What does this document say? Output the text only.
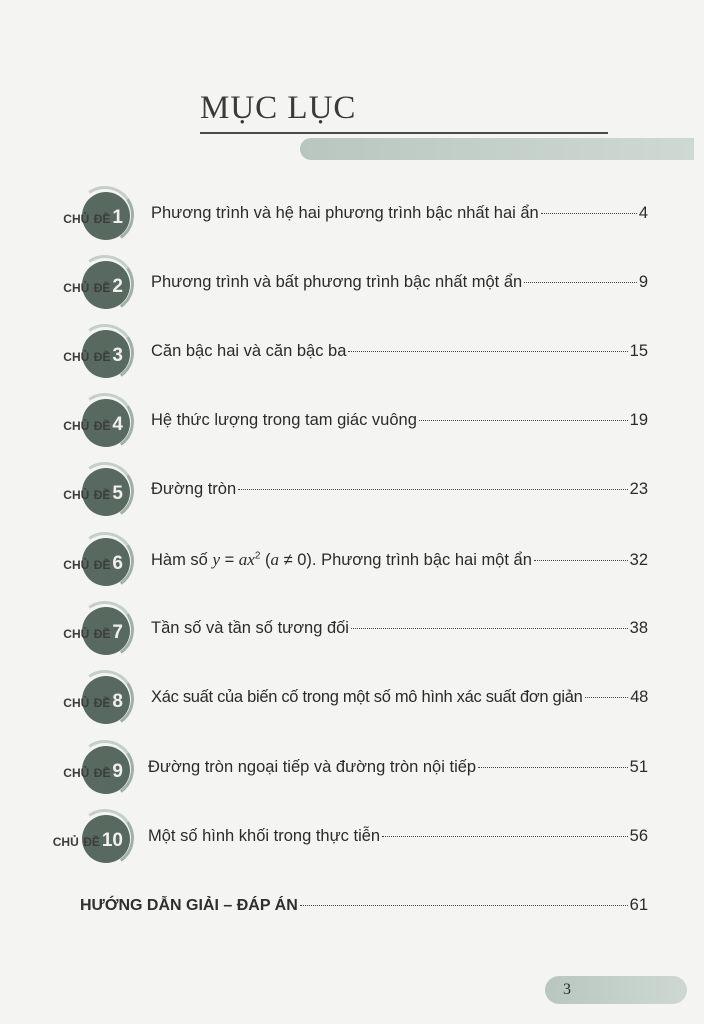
MỤC LỤC
CHỦ ĐỀ 1 Phương trình và hệ hai phương trình bậc nhất hai ẩn	4
CHỦ ĐỀ 2 Phương trình và bất phương trình bậc nhất một ẩn	9
CHỦ ĐỀ 3 Căn bậc hai và căn bậc ba	15
CHỦ ĐỀ 4 Hệ thức lượng trong tam giác vuông	19
CHỦ ĐỀ 5 Đường tròn	23
CHỦ ĐỀ 6 Hàm số $y = ax^2$ (a ≠ 0). Phương trình bậc hai một ẩn	32
CHỦ ĐỀ 7 Tần số và tần số tương đối	38
CHỦ ĐỀ 8 Xác suất của biến cố trong một số mô hình xác suất đơn giản	48
CHỦ ĐỀ 9 Đường tròn ngoại tiếp và đường tròn nội tiếp	51
CHỦ ĐỀ 10 Một số hình khối trong thực tiễn	56
HƯỚNG DẪN GIẢI – ĐÁP ÁN	61
3
